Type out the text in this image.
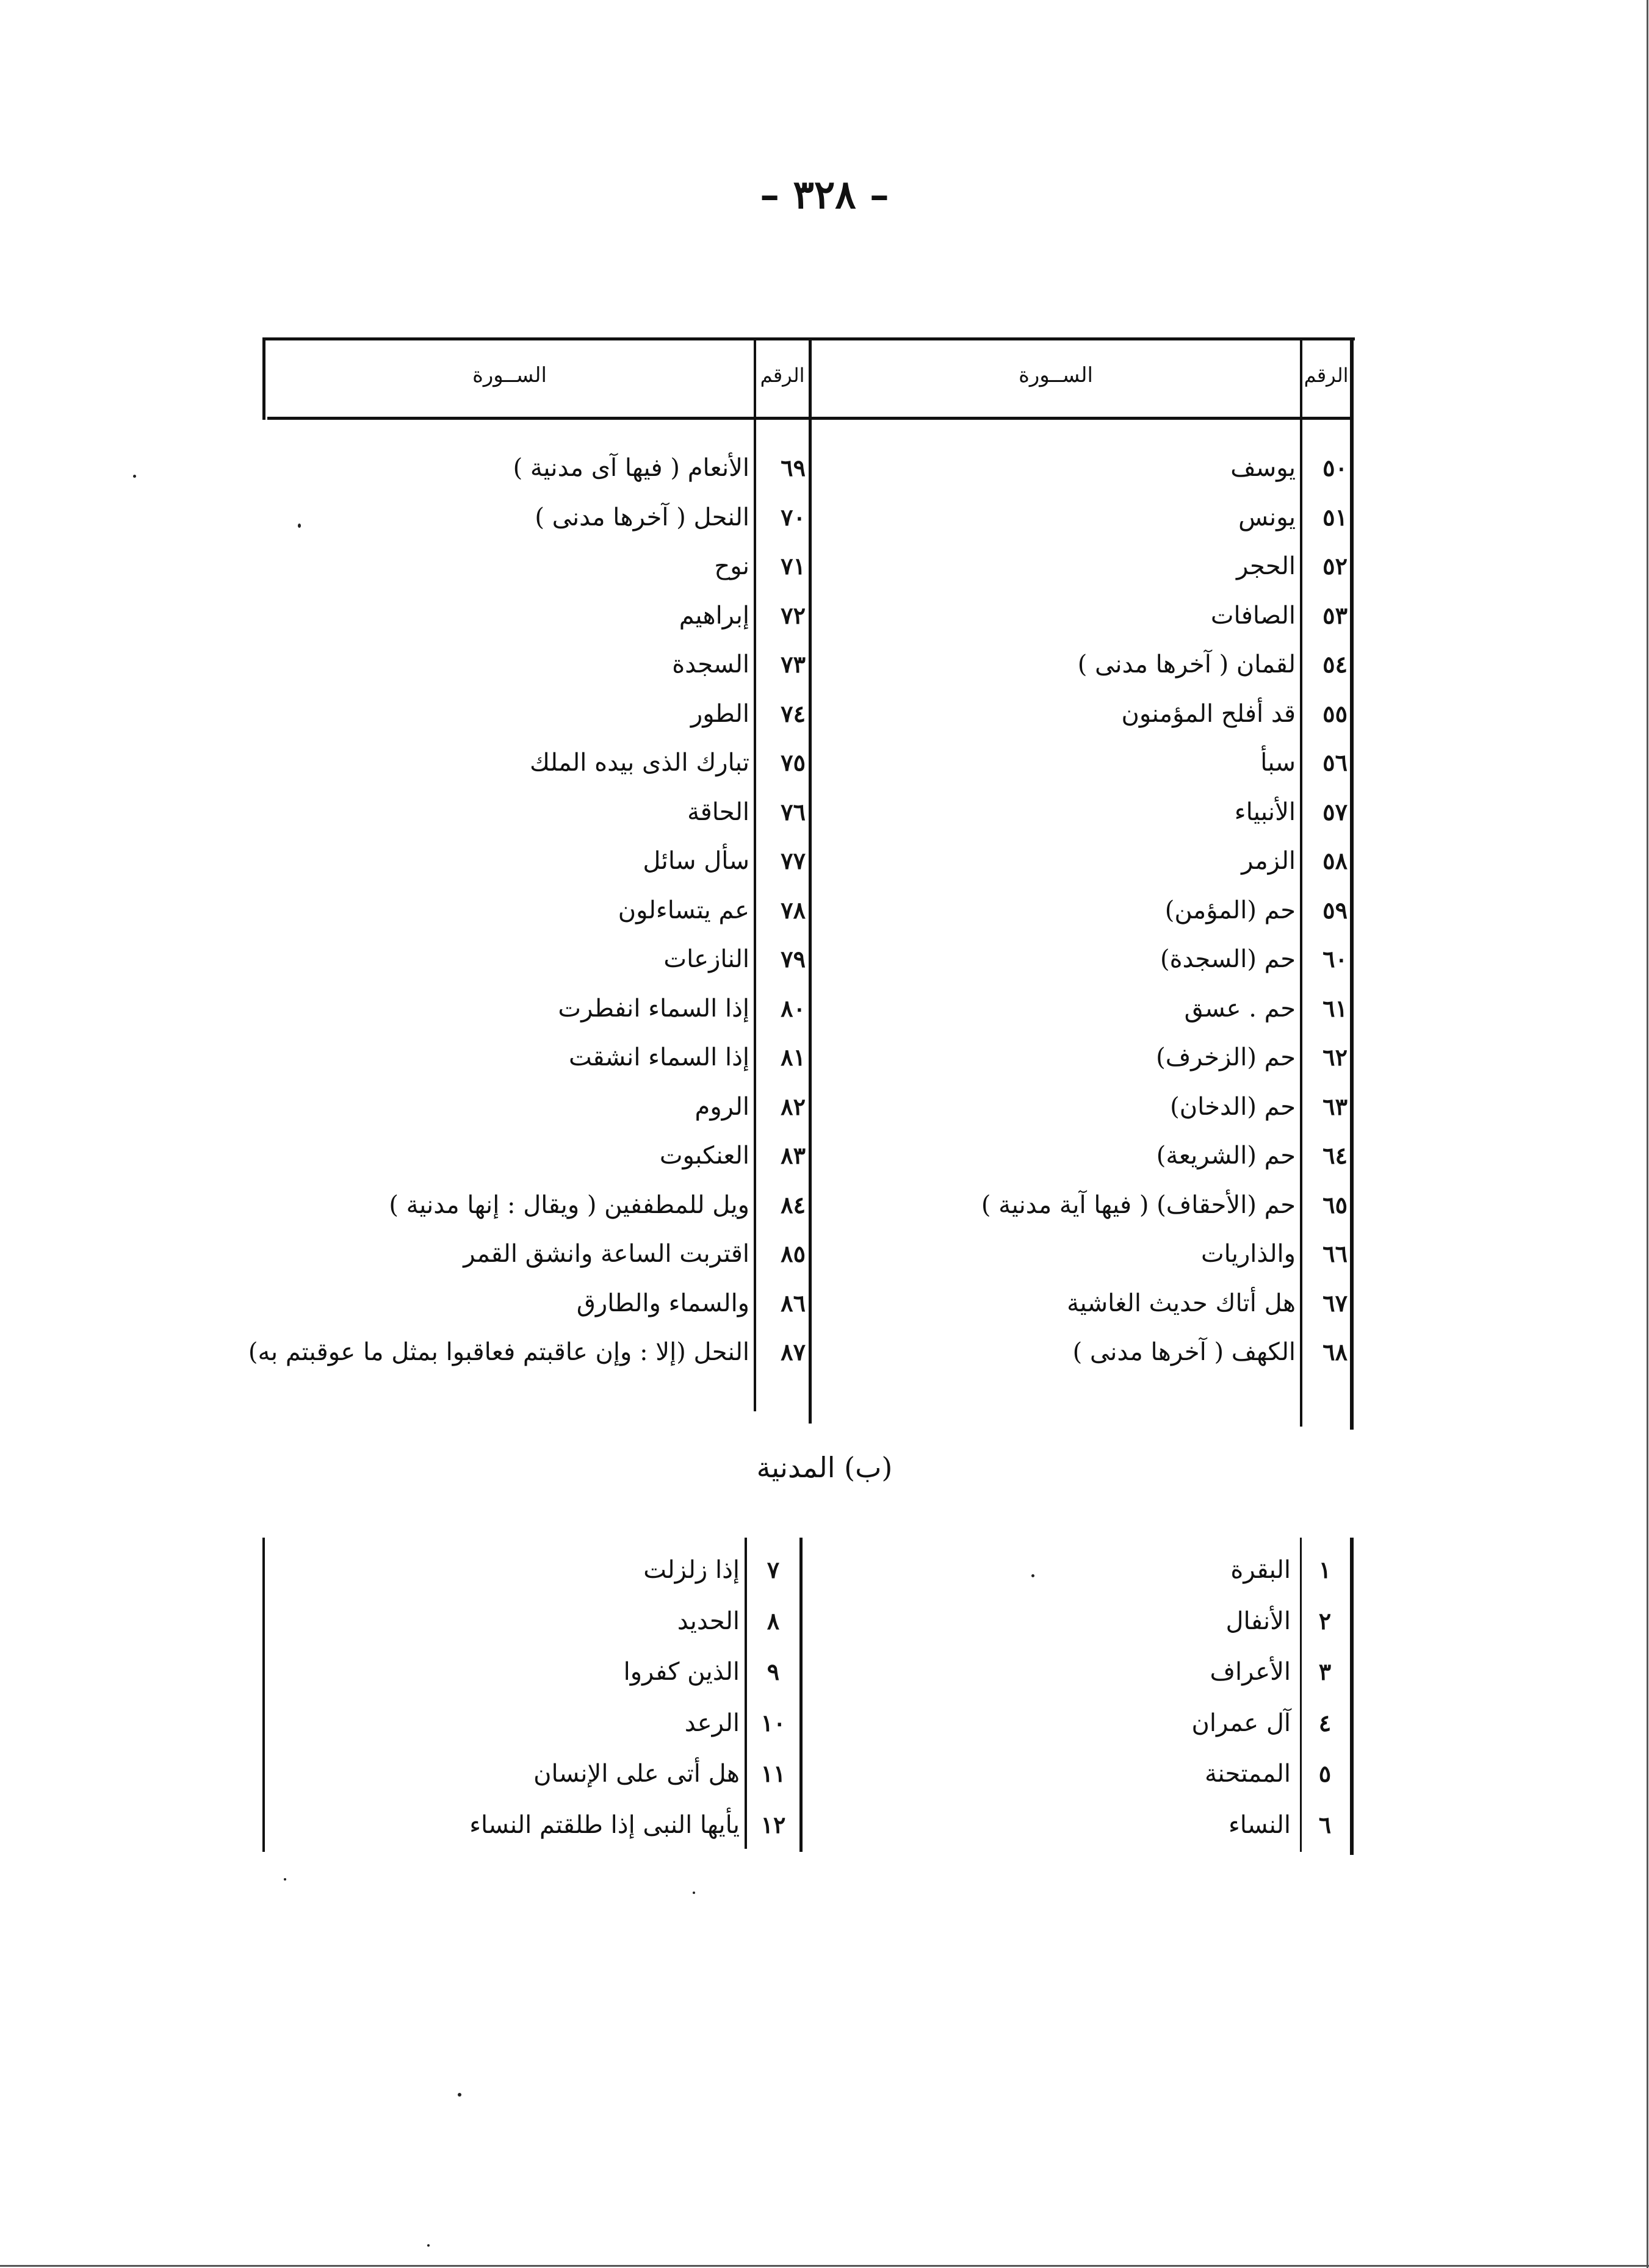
– ٣٢٨ –
الرقم
الســورة
الرقم
الســورة
٥٠
يوسف
٦٩
الأنعام ( فيها آى مدنية )
٥١
يونس
٧٠
النحل ( آخرها مدنى )
٥٢
الحجر
٧١
نوح
٥٣
الصافات
٧٢
إبراهيم
٥٤
لقمان ( آخرها مدنى )
٧٣
السجدة
٥٥
قد أفلح المؤمنون
٧٤
الطور
٥٦
سبأ
٧٥
تبارك الذى بيده الملك
٥٧
الأنبياء
٧٦
الحاقة
٥٨
الزمر
٧٧
سأل سائل
٥٩
حم (المؤمن)
٧٨
عم يتساءلون
٦٠
حم (السجدة)
٧٩
النازعات
٦١
حم . عسق
٨٠
إذا السماء انفطرت
٦٢
حم (الزخرف)
٨١
إذا السماء انشقت
٦٣
حم (الدخان)
٨٢
الروم
٦٤
حم (الشريعة)
٨٣
العنكبوت
٦٥
حم (الأحقاف) ( فيها آية مدنية )
٨٤
ويل للمطففين ( ويقال : إنها مدنية )
٦٦
والذاريات
٨٥
اقتربت الساعة وانشق القمر
٦٧
هل أتاك حديث الغاشية
٨٦
والسماء والطارق
٦٨
الكهف ( آخرها مدنى )
٨٧
النحل (إلا : وإن عاقبتم فعاقبوا بمثل ما عوقبتم به)
(ب) المدنية
١
البقرة
٧
إذا زلزلت
٢
الأنفال
٨
الحديد
٣
الأعراف
٩
الذين كفروا
٤
آل عمران
١٠
الرعد
٥
الممتحنة
١١
هل أتى على الإنسان
٦
النساء
١٢
يأيها النبى إذا طلقتم النساء
